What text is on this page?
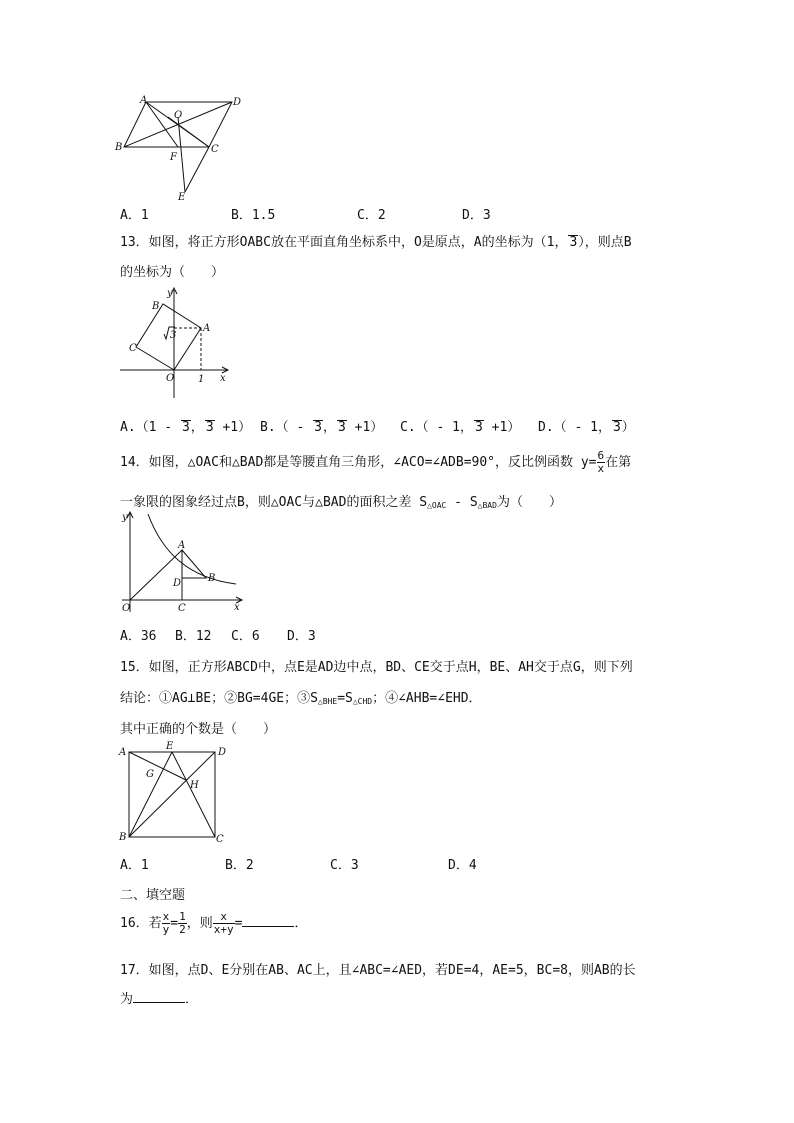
A	D
O
B	C
F
E
A．1	B．1.5	C．2	D．3
13．如图，将正方形OABC放在平面直角坐标系中，O是原点，A的坐标为（1， 3），则点B
的坐标为（　　）
y
B
A
C
O 1 x
3
A.（1 - 3， 3 +1） B.（ - 3， 3 +1） C.（ - 1， 3 +1） D.（ - 1， 3）
14．如图，△OAC和△BAD都是等腰直角三角形，∠ACO=∠ADB=90°，反比例函数 $y= \frac{6}{x}$ 在第
一象限的图象经过点B，则△OAC与△BAD的面积之差 $S_{\triangle OAC} - S_{\triangle BAD}$为（　　）
y
A
D	B
O	C	x
A．36 B．12 C．6 D．3
15．如图，正方形ABCD中，点E是AD边中点，BD、CE交于点H，BE、AH交于点G，则下列
结论：①AG⊥BE；②BG=4GE；$③S_{\triangle BHE}=S_{\triangle CHD}$；④∠AHB=∠EHD．
其中正确的个数是（　　）
A
E
D
G
H
B	C
A．1	B．2	C．3	D．4
二、填空题
16．若 $\frac{x}{y} = \frac{1}{2}$ ，则 $\frac{x}{x+y}$ =	．
17．如图，点D、E分别在AB、AC上，且∠ABC=∠AED，若DE=4，AE=5，BC=8，则AB的长
为	．
